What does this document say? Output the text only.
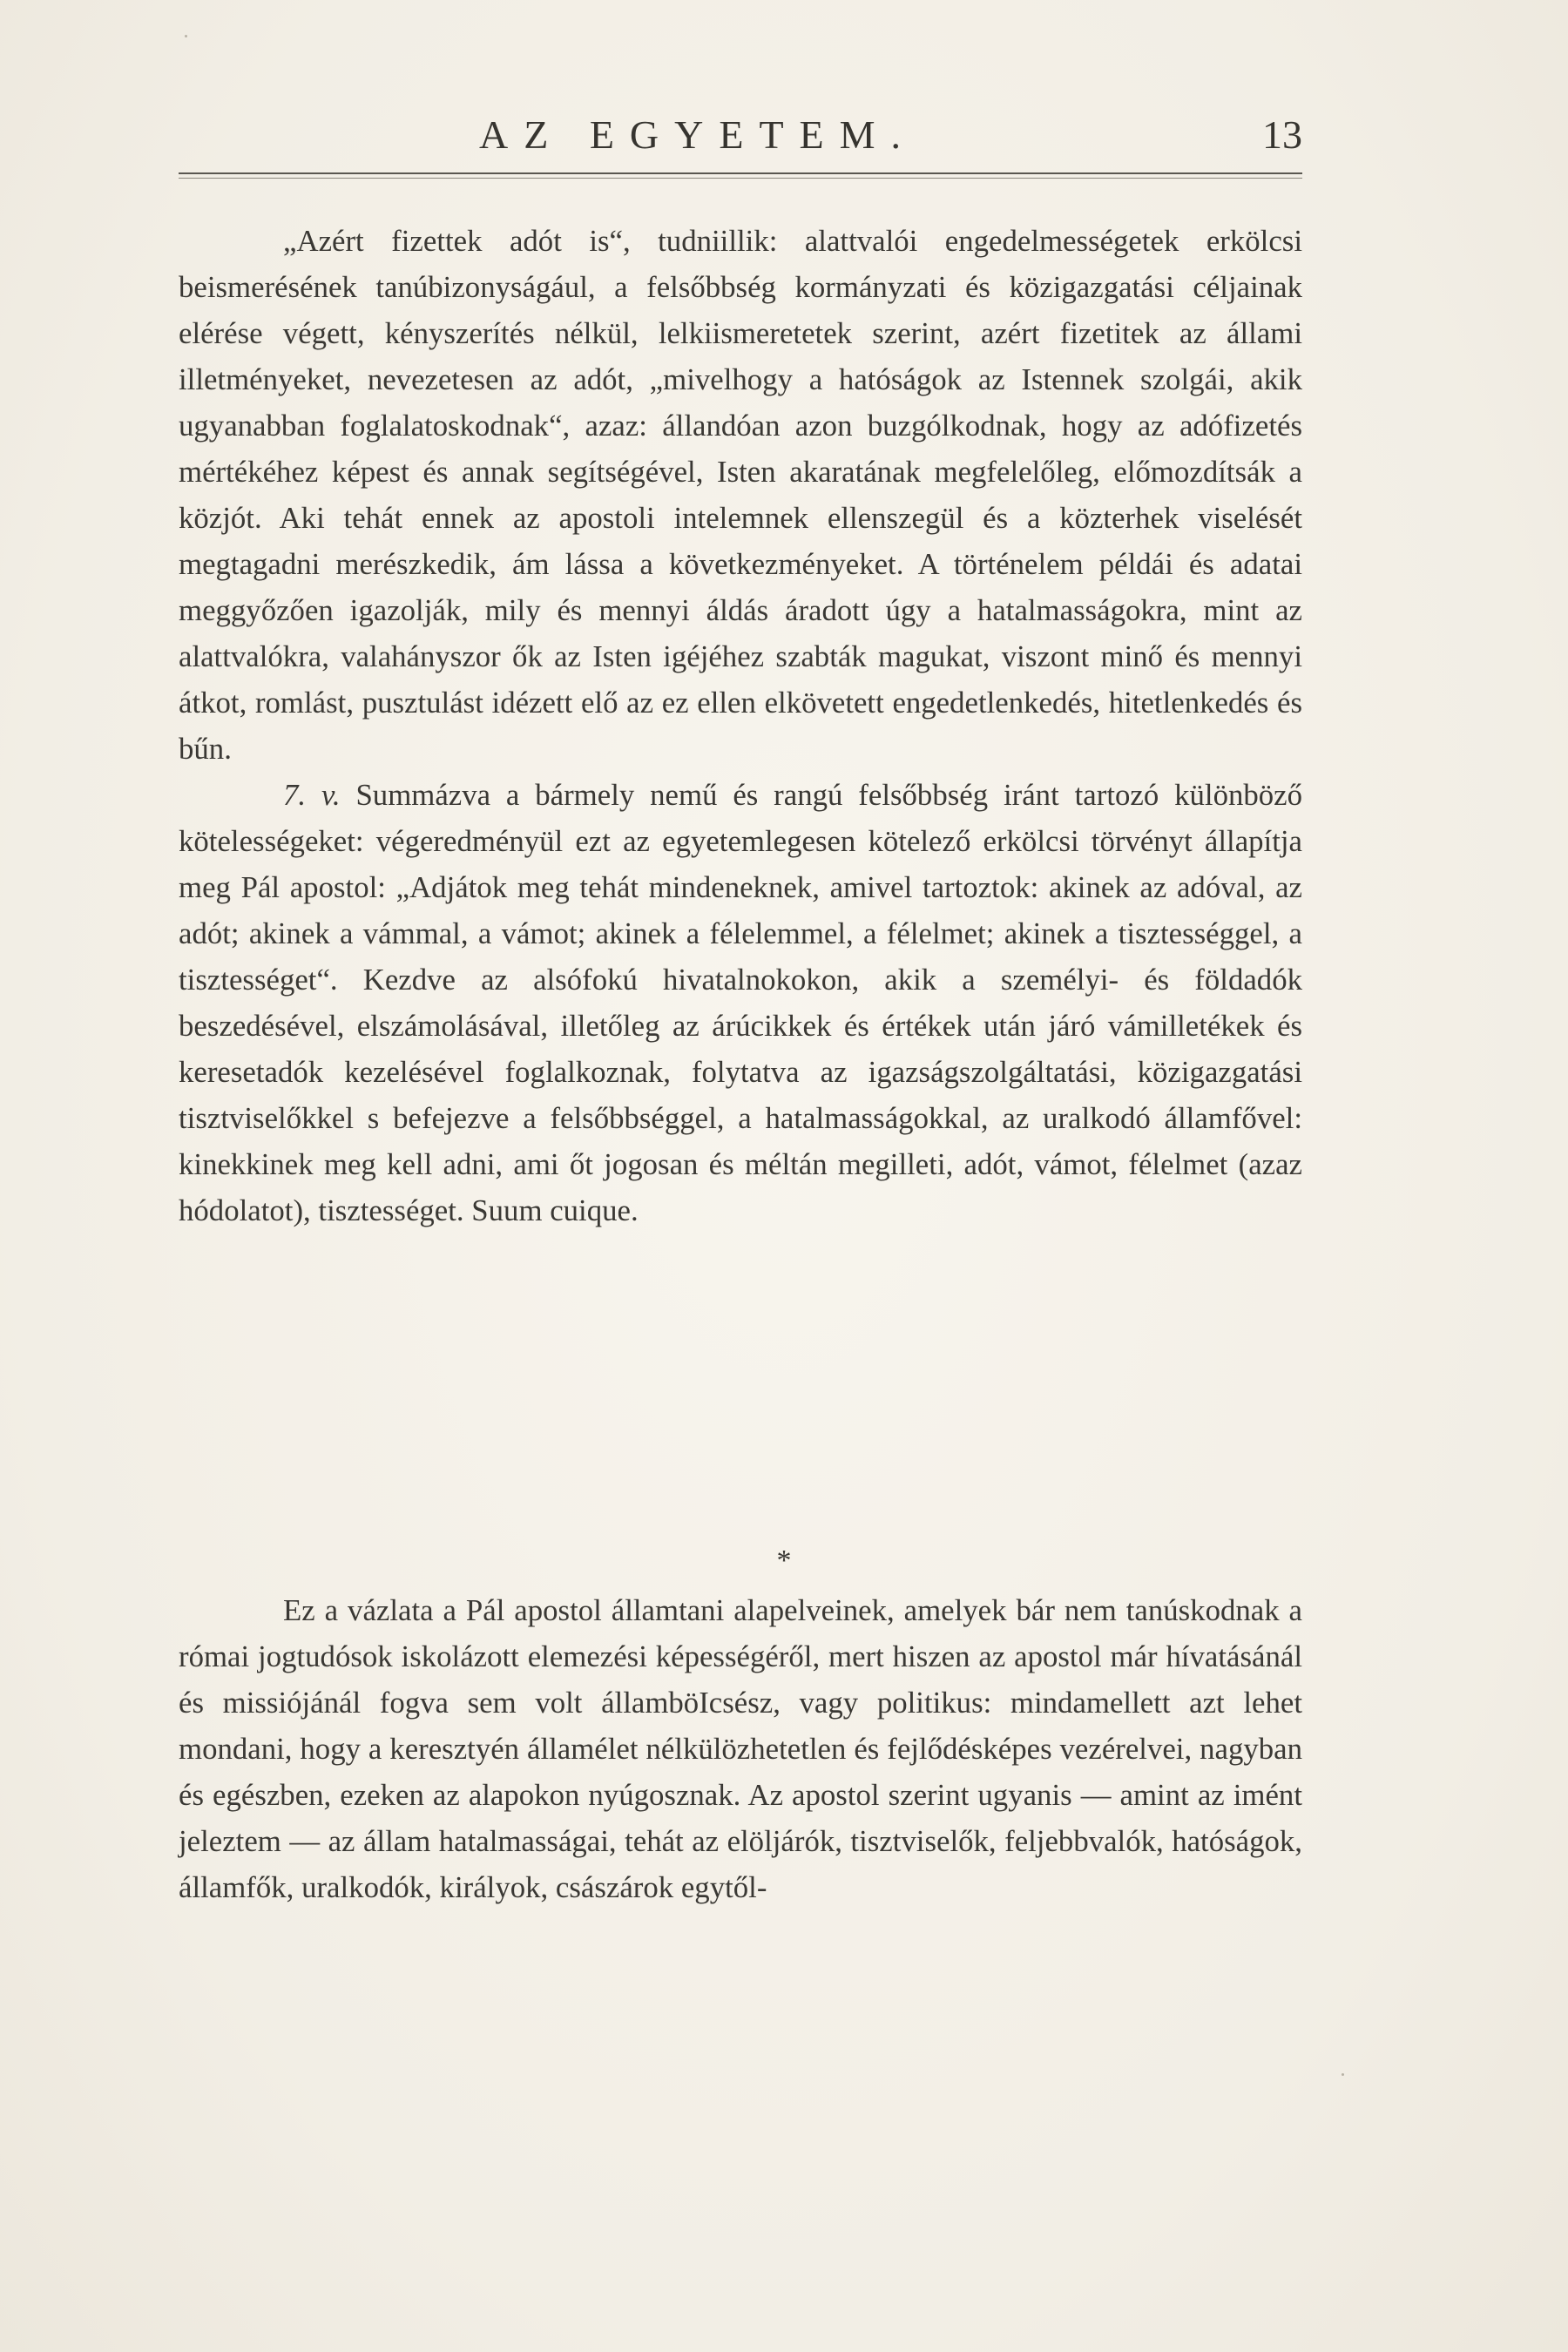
AZ EGYETEM.	13

„Azért fizettek adót is“, tudniillik: alattvalói engedelmességetek erkölcsi beismerésének tanúbizonyságául, a felsőbbség kormányzati és közigazgatási céljainak elérése végett, kényszerítés nélkül, lelkiismeretetek szerint, azért fizetitek az állami illetményeket, nevezetesen az adót, „mivelhogy a hatóságok az Istennek szolgái, akik ugyanabban foglalatoskodnak“, azaz: állandóan azon buzgólkodnak, hogy az adófizetés mértékéhez képest és annak segítségével, Isten akaratának megfelelőleg, előmozdítsák a közjót. Aki tehát ennek az apostoli intelemnek ellenszegül és a közterhek viselését megtagadni merészkedik, ám lássa a következményeket. A történelem példái és adatai meggyőzően igazolják, mily és mennyi áldás áradott úgy a hatalmasságokra, mint az alattvalókra, valahányszor ők az Isten igéjéhez szabták magukat, viszont minő és mennyi átkot, romlást, pusztulást idézett elő az ez ellen elkövetett engedetlenkedés, hitetlenkedés és bűn.

7. v. Summázva a bármely nemű és rangú felsőbbség iránt tartozó különböző kötelességeket: végeredményül ezt az egyetemlegesen kötelező erkölcsi törvényt állapítja meg Pál apostol: „Adjátok meg tehát mindeneknek, amivel tartoztok: akinek az adóval, az adót; akinek a vámmal, a vámot; akinek a félelemmel, a félelmet; akinek a tisztességgel, a tisztességet“. Kezdve az alsófokú hivatalnokokon, akik a személyi- és földadók beszedésével, elszámolásával, illetőleg az árúcikkek és értékek után járó vámilletékek és keresetadók kezelésével foglalkoznak, folytatva az igazságszolgáltatási, közigazgatási tisztviselőkkel s befejezve a felsőbbséggel, a hatalmasságokkal, az uralkodó államfővel: kinekkinek meg kell adni, ami őt jogosan és méltán megilleti, adót, vámot, félelmet (azaz hódolatot), tisztességet. Suum cuique.

*

Ez a vázlata a Pál apostol államtani alapelveinek, amelyek bár nem tanúskodnak a római jogtudósok iskolázott elemezési képességéről, mert hiszen az apostol már hívatásánál és missiójánál fogva sem volt államböIcsész, vagy politikus: mindamellett azt lehet mondani, hogy a keresztyén államélet nélkülözhetetlen és fejlődésképes vezérelvei, nagyban és egészben, ezeken az alapokon nyúgosznak. Az apostol szerint ugyanis — amint az imént jeleztem — az állam hatalmasságai, tehát az elöljárók, tisztviselők, feljebbvalók, hatóságok, államfők, uralkodók, királyok, császárok egytől-
